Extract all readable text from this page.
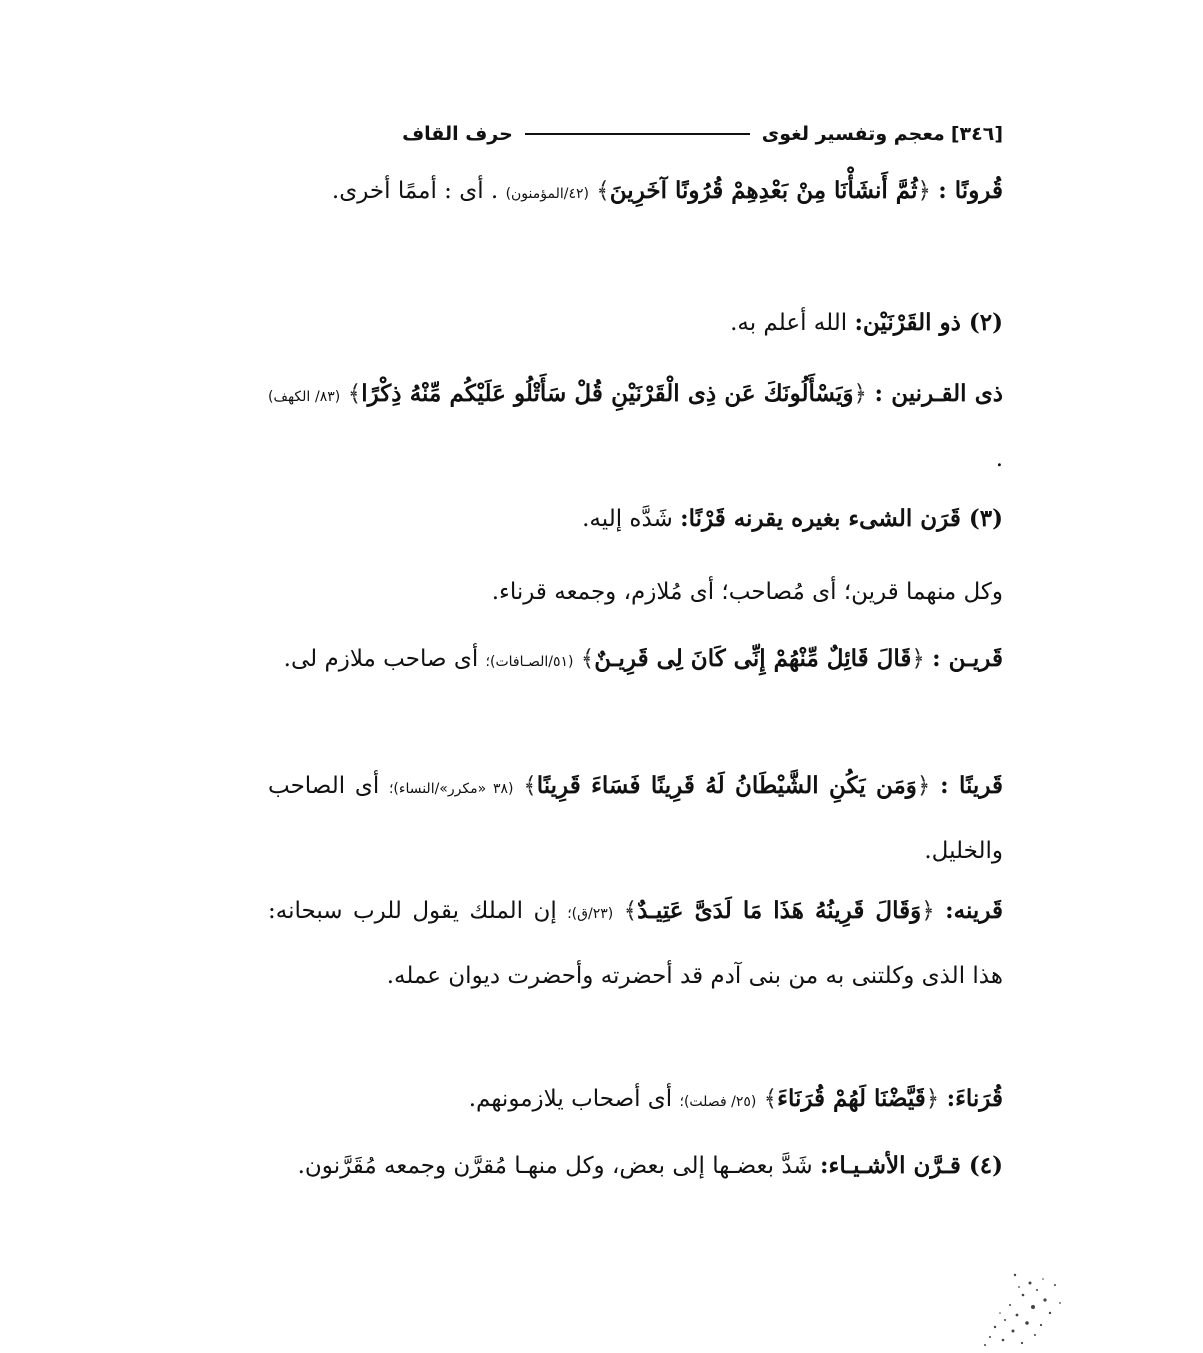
[٣٤٦]
معجم وتفسير لغوى
حرف القاف
قُرونًا : ﴿ثُمَّ أَنشَأْنَا مِنْ بَعْدِهِمْ قُرُونًا آخَرِينَ﴾ (٤٢/المؤمنون) . أى : أممًا أخرى.
(٢) ذو القَرْنَيْن: الله أعلم به.
ذى القـرنين : ﴿وَيَسْأَلُونَكَ عَن ذِى الْقَرْنَيْنِ قُلْ سَأَتْلُو عَلَيْكُم مِّنْهُ ذِكْرًا﴾ (٨٣/ الكهف) .
(٣) قَرَن الشىء بغيره يقرنه قَرْنًا: شَدَّه إليه.
وكل منهما قرين؛ أى مُصاحب؛ أى مُلازم، وجمعه قرناء.
قَريـن : ﴿قَالَ قَائِلٌ مِّنْهُمْ إِنِّى كَانَ لِى قَرِيـنٌ﴾ (٥١/الصـافات)؛ أى صاحب ملازم لى.
قَرينًا : ﴿وَمَن يَكُنِ الشَّيْطَانُ لَهُ قَرِينًا فَسَاءَ قَرِينًا﴾ (٣٨ «مكرر»/النساء)؛ أى الصاحب والخليل.
قَرينه: ﴿وَقَالَ قَرِينُهُ هَذَا مَا لَدَىَّ عَتِيـدٌ﴾ (٢٣/ق)؛ إن الملك يقول للرب سبحانه: هذا الذى وكلتنى به من بنى آدم قد أحضرته وأحضرت ديوان عمله.
قُرَناءَ: ﴿قَيَّضْنَا لَهُمْ قُرَنَاءَ﴾ (٢٥/ فصلت)؛ أى أصحاب يلازمونهم.
(٤) قـرَّن الأشـيـاء: شَدَّ بعضـها إلى بعض، وكل منهـا مُقرَّن وجمعه مُقَرَّنون.
